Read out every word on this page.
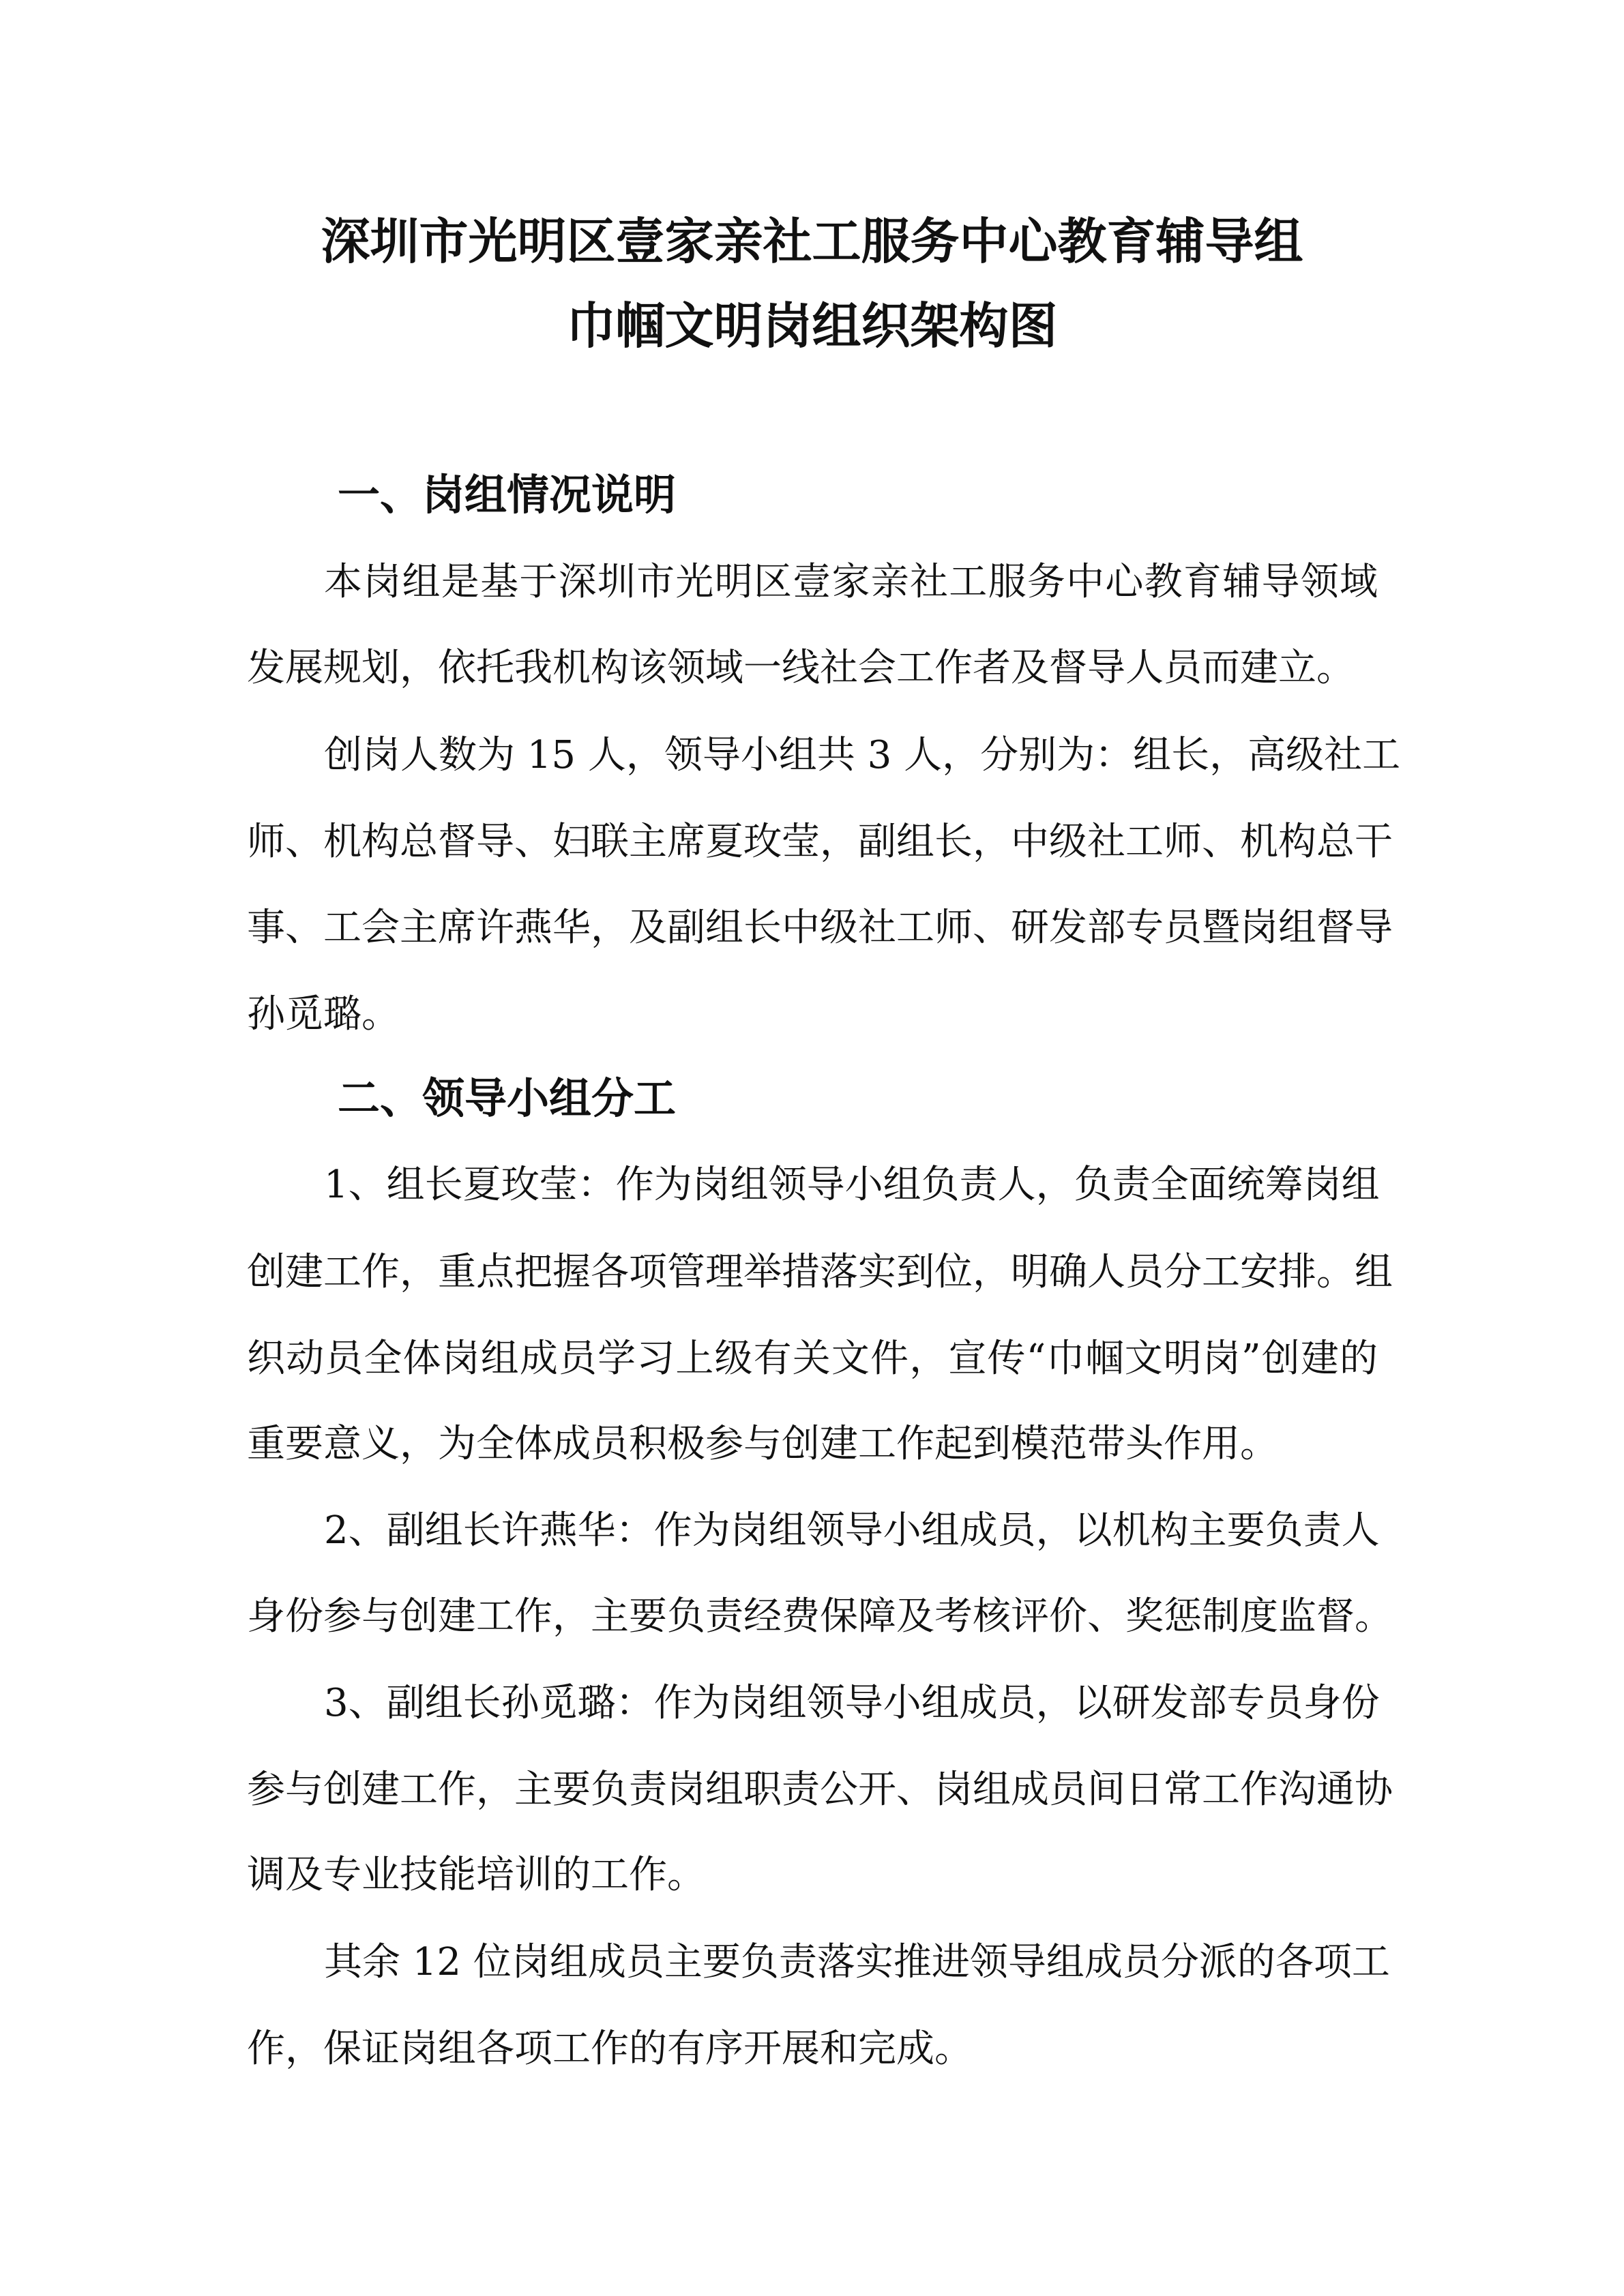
深圳市光明区壹家亲社工服务中心教育辅导组
巾帼文明岗组织架构图
一、岗组情况说明
本岗组是基于深圳市光明区壹家亲社工服务中心教育辅导领域
发展规划，依托我机构该领域一线社会工作者及督导人员而建立。
创岗人数为 15 人，领导小组共 3 人，分别为：组长，高级社工
师、机构总督导、妇联主席夏玫莹，副组长，中级社工师、机构总干
事、工会主席许燕华，及副组长中级社工师、研发部专员暨岗组督导
孙觅璐。
二、领导小组分工
1、组长夏玫莹：作为岗组领导小组负责人，负责全面统筹岗组
创建工作，重点把握各项管理举措落实到位，明确人员分工安排。组
织动员全体岗组成员学习上级有关文件，宣传“巾帼文明岗”创建的
重要意义，为全体成员积极参与创建工作起到模范带头作用。
2、副组长许燕华：作为岗组领导小组成员，以机构主要负责人
身份参与创建工作，主要负责经费保障及考核评价、奖惩制度监督。
3、副组长孙觅璐：作为岗组领导小组成员，以研发部专员身份
参与创建工作，主要负责岗组职责公开、岗组成员间日常工作沟通协
调及专业技能培训的工作。
其余 12 位岗组成员主要负责落实推进领导组成员分派的各项工
作，保证岗组各项工作的有序开展和完成。
